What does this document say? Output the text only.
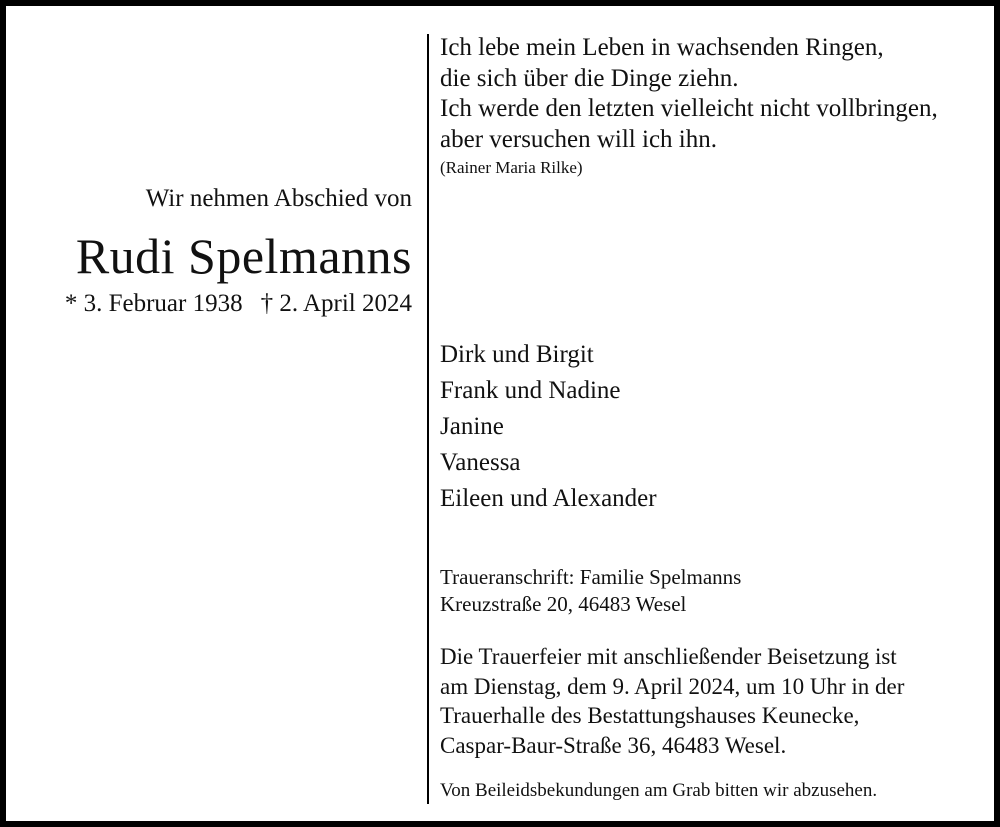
Wir nehmen Abschied von
Rudi Spelmanns
* 3. Februar 1938 † 2. April 2024
Ich lebe mein Leben in wachsenden Ringen,
die sich über die Dinge ziehn.
Ich werde den letzten vielleicht nicht vollbringen,
aber versuchen will ich ihn.
(Rainer Maria Rilke)
Dirk und Birgit
Frank und Nadine
Janine
Vanessa
Eileen und Alexander
Traueranschrift: Familie Spelmanns
Kreuzstraße 20, 46483 Wesel
Die Trauerfeier mit anschließender Beisetzung ist
am Dienstag, dem 9. April 2024, um 10 Uhr in der
Trauerhalle des Bestattungshauses Keunecke,
Caspar-Baur-Straße 36, 46483 Wesel.
Von Beileidsbekundungen am Grab bitten wir abzusehen.
